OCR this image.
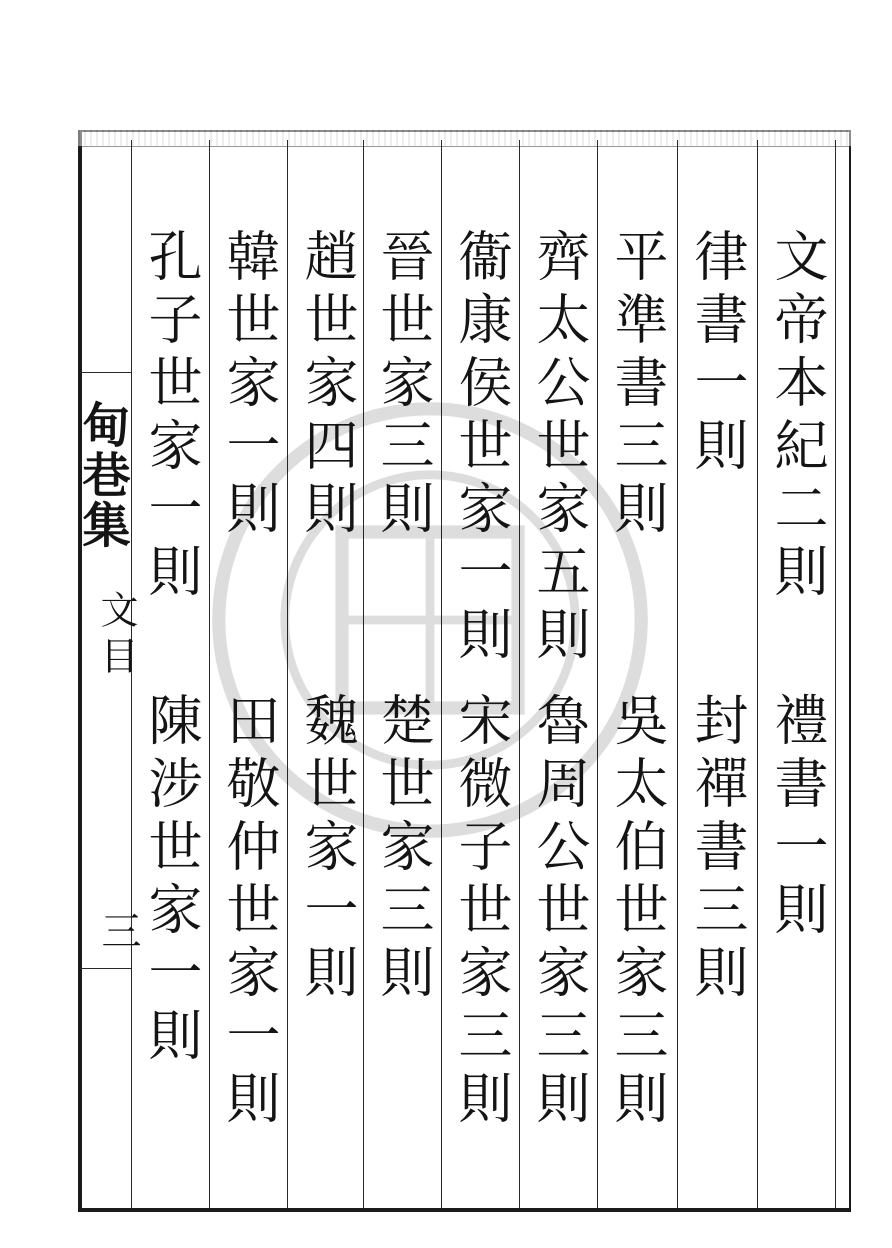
甸巷集
文目
三
文帝本紀二則
禮書一則
律書一則
封禪書三則
平準書三則
吳太伯世家三則
齊太公世家五則
魯周公世家三則
衞康侯世家一則
宋微子世家三則
晉世家三則
楚世家三則
趙世家四則
魏世家一則
韓世家一則
田敬仲世家一則
孔子世家一則
陳涉世家一則
